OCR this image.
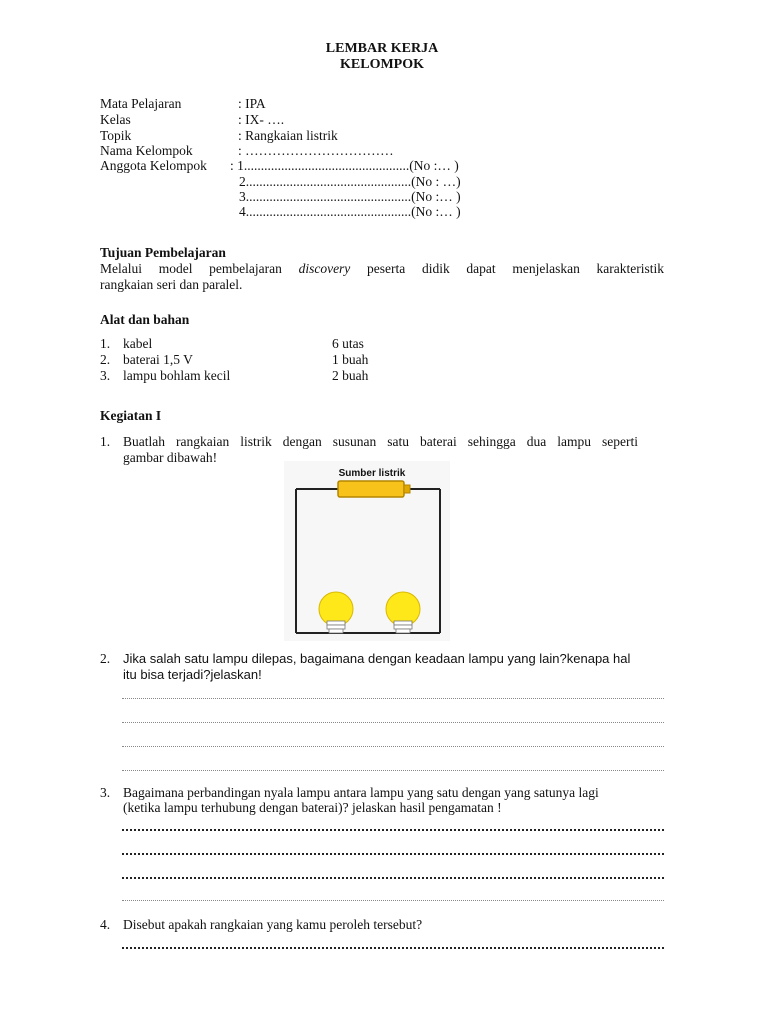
LEMBAR KERJA
KELOMPOK
Mata Pelajaran	: IPA
Kelas	: IX- ….
Topik	: Rangkaian listrik
Nama Kelompok	: ……………………………
Anggota Kelompok : 1.................................................(No :… )
2.................................................(No : …)
3.................................................(No :… )
4.................................................(No :… )
Tujuan Pembelajaran
Melalui model pembelajaran discovery peserta didik dapat menjelaskan karakteristik
rangkaian seri dan paralel.
Alat dan bahan
1. kabel	6 utas
2. baterai 1,5 V	1 buah
3. lampu bohlam kecil	2 buah
Kegiatan I
1. Buatlah rangkaian listrik dengan susunan satu baterai sehingga dua lampu seperti
gambar dibawah!
Sumber listrik
2. Jika salah satu lampu dilepas, bagaimana dengan keadaan lampu yang lain?kenapa hal
itu bisa terjadi?jelaskan!
3. Bagaimana perbandingan nyala lampu antara lampu yang satu dengan yang satunya lagi
(ketika lampu terhubung dengan baterai)? jelaskan hasil pengamatan !
4. Disebut apakah rangkaian yang kamu peroleh tersebut?
